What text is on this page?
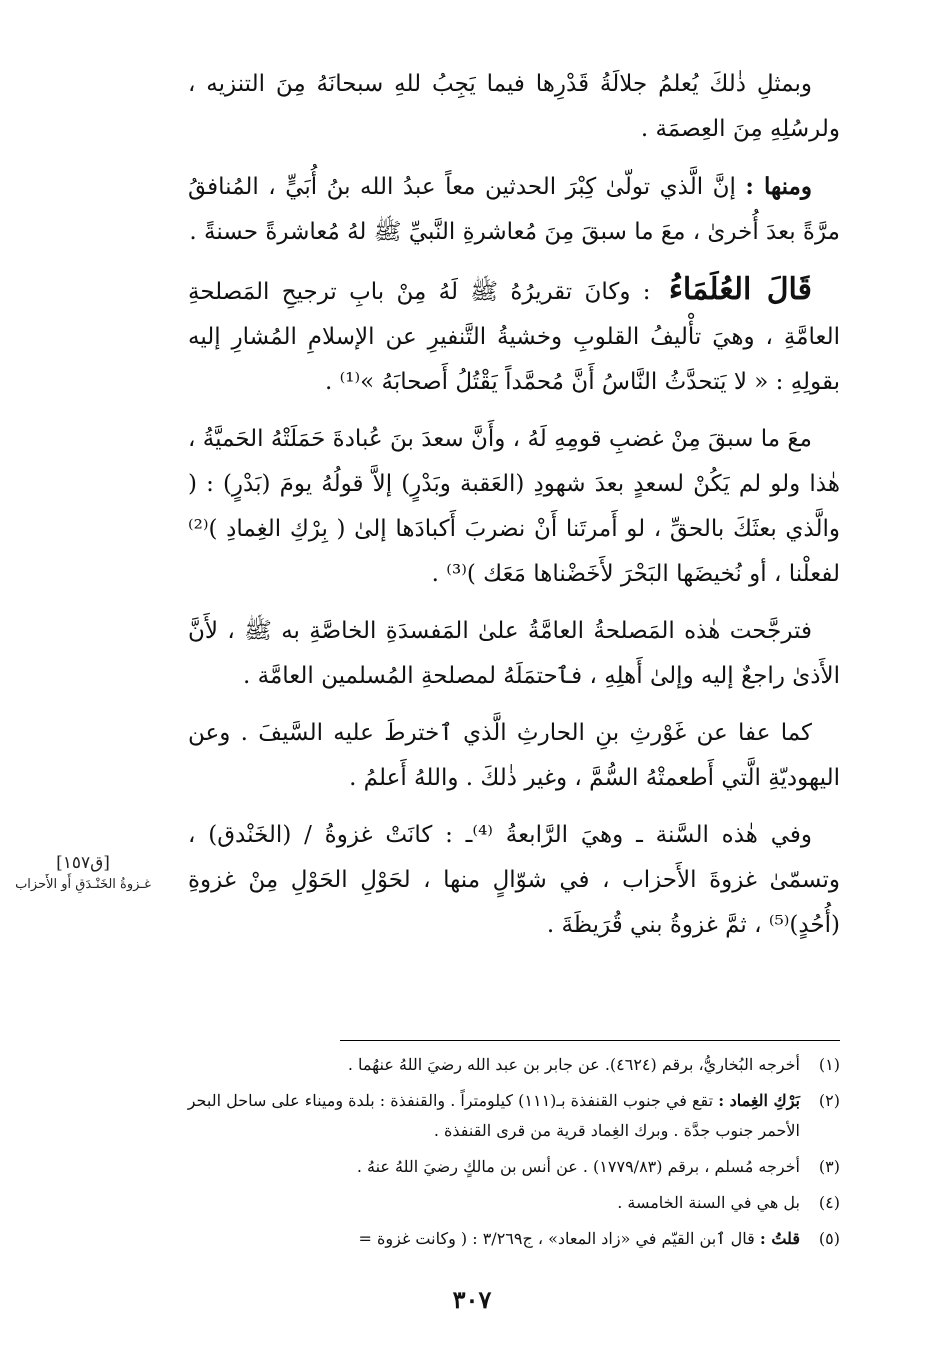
وبمثلِ ذٰلكَ يُعلمُ جلالَةُ قَدْرِها فيما يَجِبُ للهِ سبحانَهُ مِنَ التنزيه ، ولرسُلِهِ مِنَ العِصمَة .

ومنها : إنَّ الَّذي تولّىٰ كِبْرَ الحدثين معاً عبدُ الله بنُ أُبَيٍّ ، المُنافقُ مرَّةً بعدَ أُخرىٰ ، معَ ما سبقَ مِنَ مُعاشرةِ النَّبيِّ ﷺ لهُ مُعاشرةً حسنةً .

قَالَ العُلَمَاءُ : وكانَ تقريرُهُ ﷺ لَهُ مِنْ بابِ ترجيحِ المَصلحةِ العامَّةِ ، وهيَ تأْليفُ القلوبِ وخشيةُ التَّنفيرِ عن الإسلامِ المُشارِ إليه بقولِهِ : « لا يَتحدَّثُ النَّاسُ أَنَّ مُحمَّداً يَقْتُلُ أَصحابَهُ »⁽¹⁾ .

معَ ما سبقَ مِنْ غضبِ قومِهِ لَهُ ، وأَنَّ سعدَ بنَ عُبادةَ حَمَلَتْهُ الحَميَّةُ ، هٰذا ولو لم يَكُنْ لسعدٍ بعدَ شهودِ (العَقبة وبَدْرٍ) إلاَّ قولُهُ يومَ (بَدْرٍ) : ( والَّذي بعثَكَ بالحقِّ ، لو أَمرتَنا أَنْ نضربَ أَكبادَها إلىٰ ( بِرْكِ الغِمادِ )⁽²⁾ لفعلْنا ، أو نُخيضَها البَحْرَ لأَخَضْناها مَعَك )⁽³⁾ .

فترجَّحت هٰذه المَصلحةُ العامَّةُ علىٰ المَفسدَةِ الخاصَّةِ به ﷺ ، لأَنَّ الأَذىٰ راجعٌ إليه وإلىٰ أَهلِهِ ، فٱحتمَلَهُ لمصلحةِ المُسلمين العامَّة .

كما عفا عن غَوْرثِ بنِ الحارثِ الَّذي ٱخترطَ عليه السَّيفَ . وعن اليهوديّةِ الَّتي أَطعمتْهُ السُّمَّ ، وغير ذٰلكَ . واللهُ أَعلمُ .

وفي هٰذه السَّنة ـ وهيَ الرَّابعةُ ⁽⁴⁾ـ : كانَتْ غزوةُ / (الخَنْدق) ، وتسمّىٰ غزوةَ الأَحزاب ، في شوّالٍ منها ، لحَوْلِ الحَوْلِ مِنْ غزوةِ (أُحُدٍ)⁽⁵⁾ ، ثمَّ غزوةُ بني قُرَيظَةَ .

[ق١٥٧]
غـزوةُ الخَنْـدَقِ أَو الأَحزاب
(١)
أخرجه البُخاريُّ، برقم (٤٦٢٤). عن جابر بن عبد الله رضيَ اللهُ عنهُما .
(٢)
بَرْكِ الغِماد : تقع في جنوب القنفذة بـ(١١١) كيلومتراً . والقنفذة : بلدة وميناء على ساحل البحر الأحمر جنوب جدَّة . وبرك الغِماد قرية من قرى القنفذة .
(٣)
أخرجه مُسلم ، برقم (١٧٧٩/٨٣) . عن أنس بن مالكٍ رضيَ اللهُ عنهُ .
(٤)
بل هي في السنة الخامسة .
(٥)
قلتُ : قال ٱبن القيّم في «زاد المعاد» ، ج٣/٢٦٩ : ( وكانت غزوة =
٣٠٧
